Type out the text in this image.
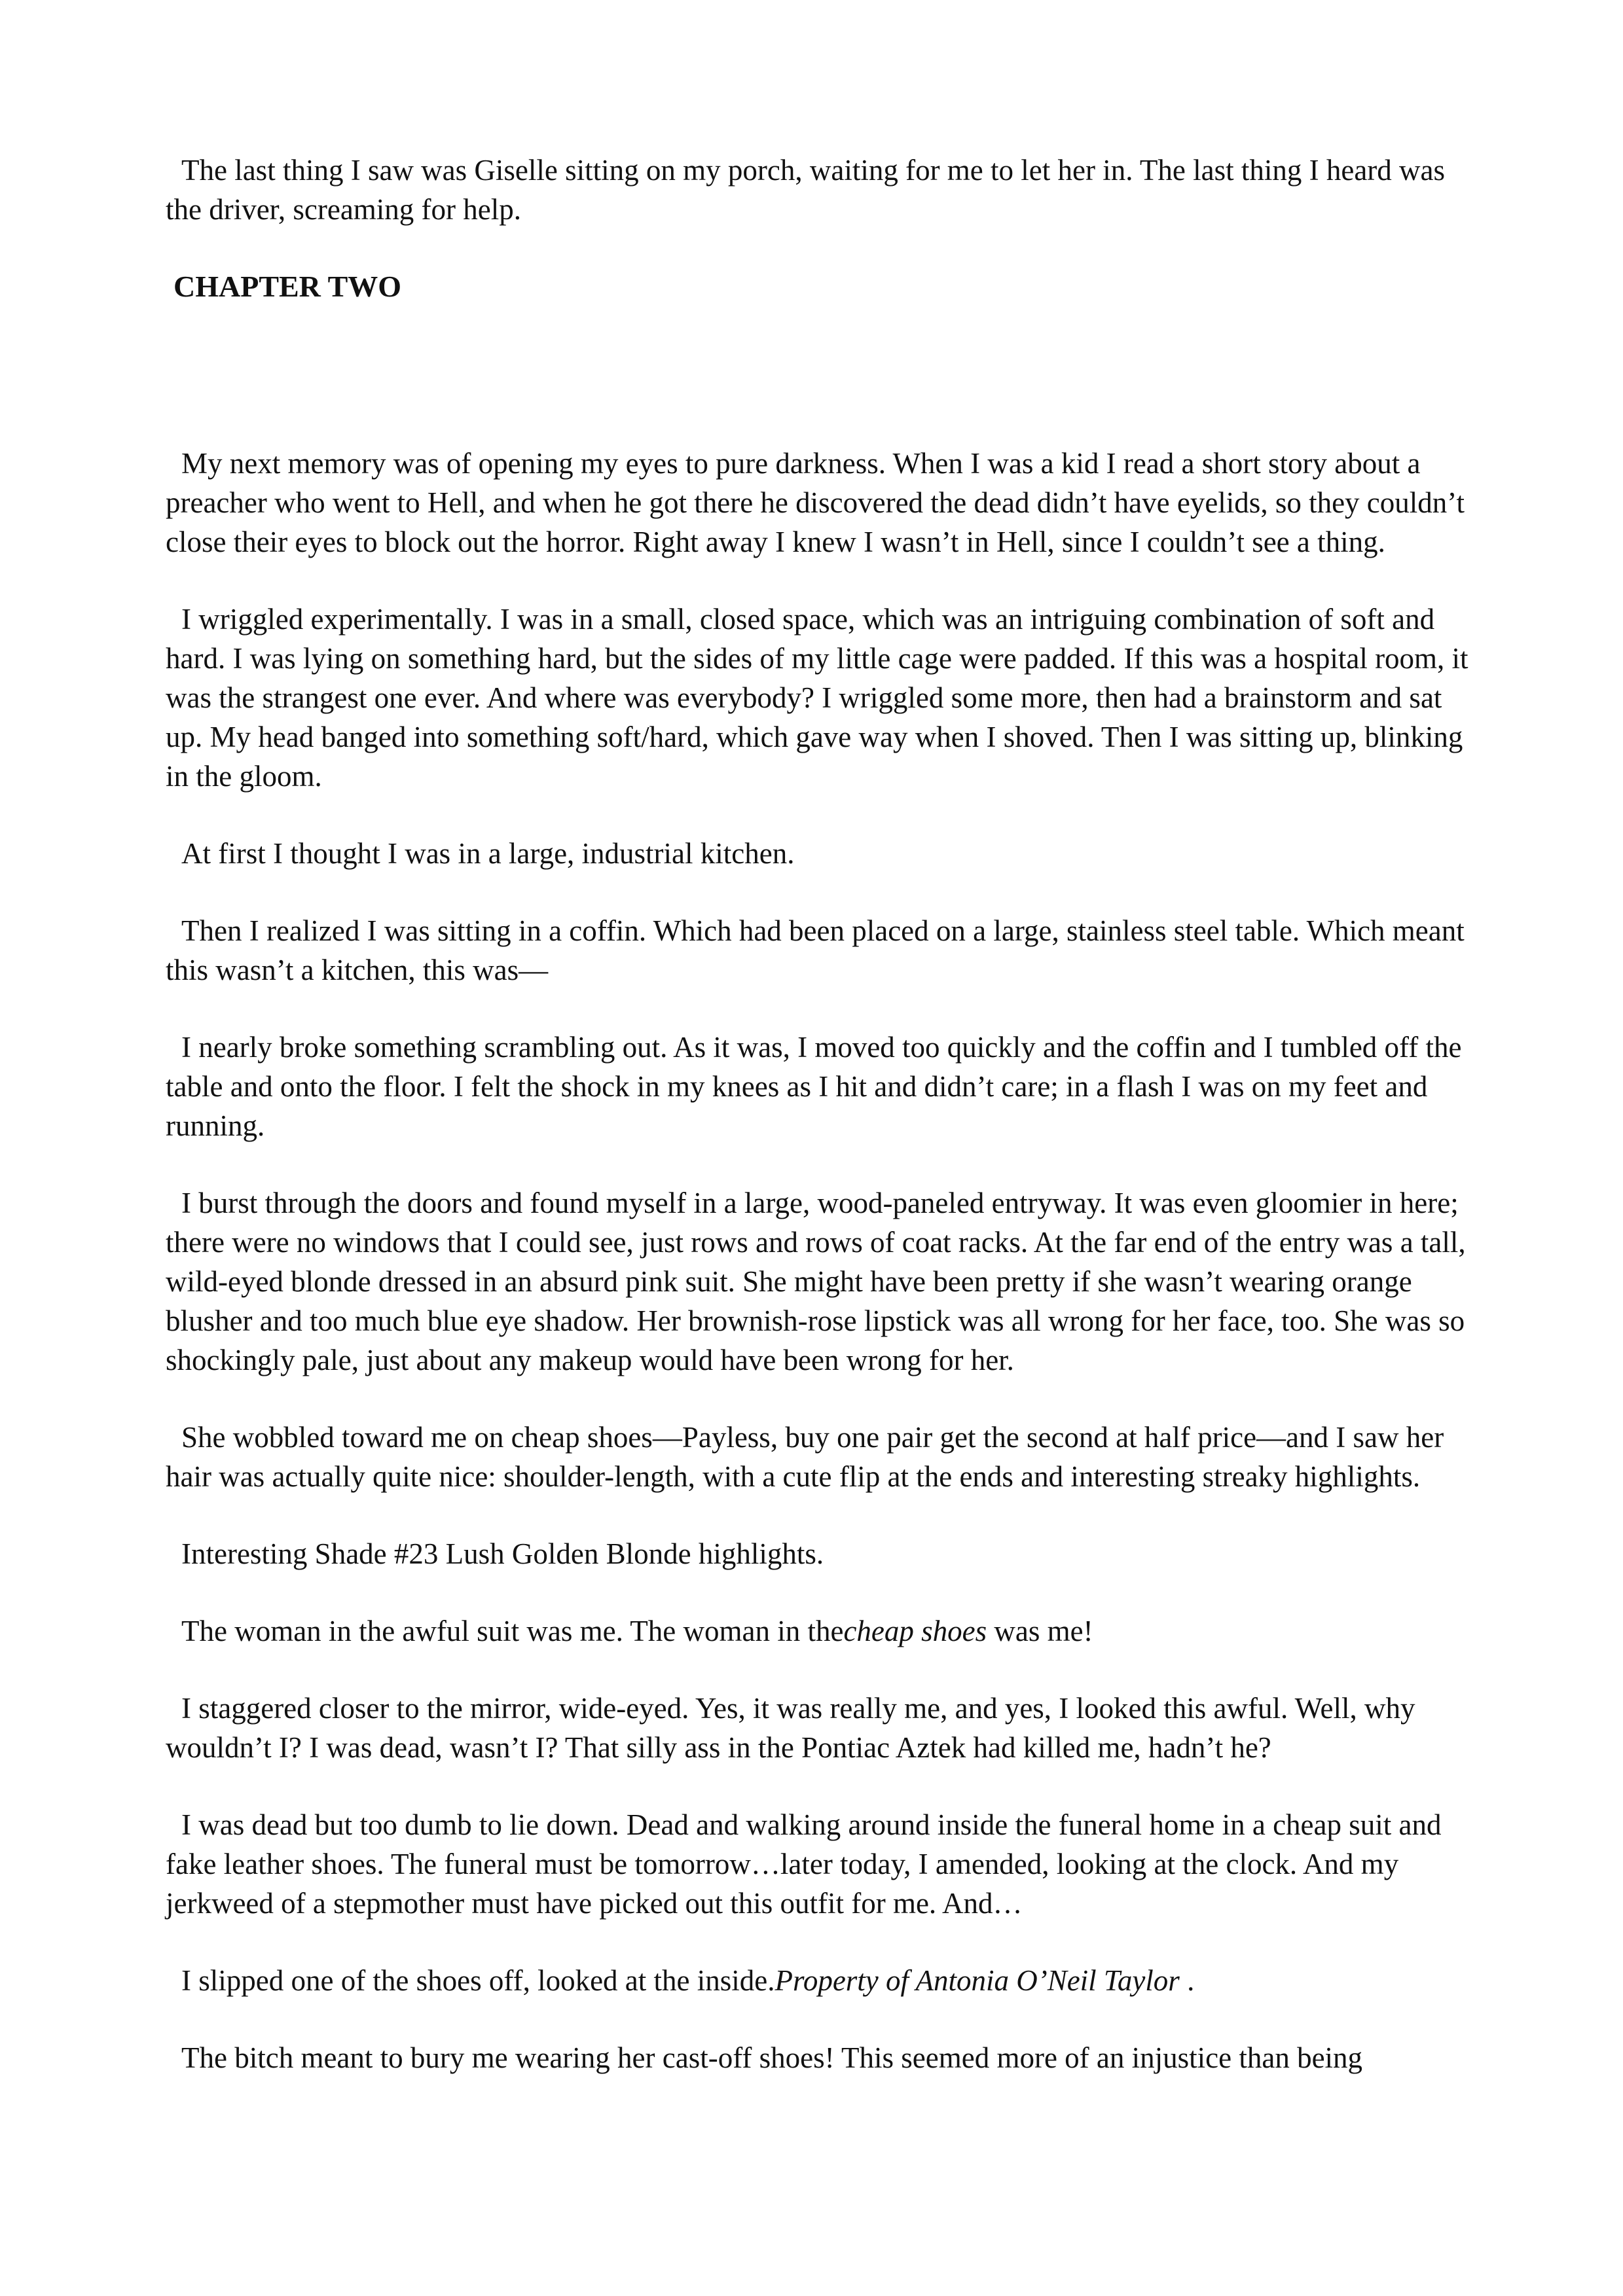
The last thing I saw was Giselle sitting on my porch, waiting for me to let her in. The last thing I heard was the driver, screaming for help.

CHAPTER TWO

My next memory was of opening my eyes to pure darkness. When I was a kid I read a short story about a preacher who went to Hell, and when he got there he discovered the dead didn’t have eyelids, so they couldn’t close their eyes to block out the horror. Right away I knew I wasn’t in Hell, since I couldn’t see a thing.

I wriggled experimentally. I was in a small, closed space, which was an intriguing combination of soft and hard. I was lying on something hard, but the sides of my little cage were padded. If this was a hospital room, it was the strangest one ever. And where was everybody? I wriggled some more, then had a brainstorm and sat up. My head banged into something soft/hard, which gave way when I shoved. Then I was sitting up, blinking in the gloom.

At first I thought I was in a large, industrial kitchen.

Then I realized I was sitting in a coffin. Which had been placed on a large, stainless steel table. Which meant this wasn’t a kitchen, this was—

I nearly broke something scrambling out. As it was, I moved too quickly and the coffin and I tumbled off the table and onto the floor. I felt the shock in my knees as I hit and didn’t care; in a flash I was on my feet and running.

I burst through the doors and found myself in a large, wood-paneled entryway. It was even gloomier in here; there were no windows that I could see, just rows and rows of coat racks. At the far end of the entry was a tall, wild-eyed blonde dressed in an absurd pink suit. She might have been pretty if she wasn’t wearing orange blusher and too much blue eye shadow. Her brownish-rose lipstick was all wrong for her face, too. She was so shockingly pale, just about any makeup would have been wrong for her.

She wobbled toward me on cheap shoes—Payless, buy one pair get the second at half price—and I saw her hair was actually quite nice: shoulder-length, with a cute flip at the ends and interesting streaky highlights.

Interesting Shade #23 Lush Golden Blonde highlights.

The woman in the awful suit was me. The woman in thecheap shoes was me!

I staggered closer to the mirror, wide-eyed. Yes, it was really me, and yes, I looked this awful. Well, why wouldn’t I? I was dead, wasn’t I? That silly ass in the Pontiac Aztek had killed me, hadn’t he?

I was dead but too dumb to lie down. Dead and walking around inside the funeral home in a cheap suit and fake leather shoes. The funeral must be tomorrow…later today, I amended, looking at the clock. And my jerkweed of a stepmother must have picked out this outfit for me. And…

I slipped one of the shoes off, looked at the inside.Property of Antonia O’Neil Taylor .

The bitch meant to bury me wearing her cast-off shoes! This seemed more of an injustice than being
